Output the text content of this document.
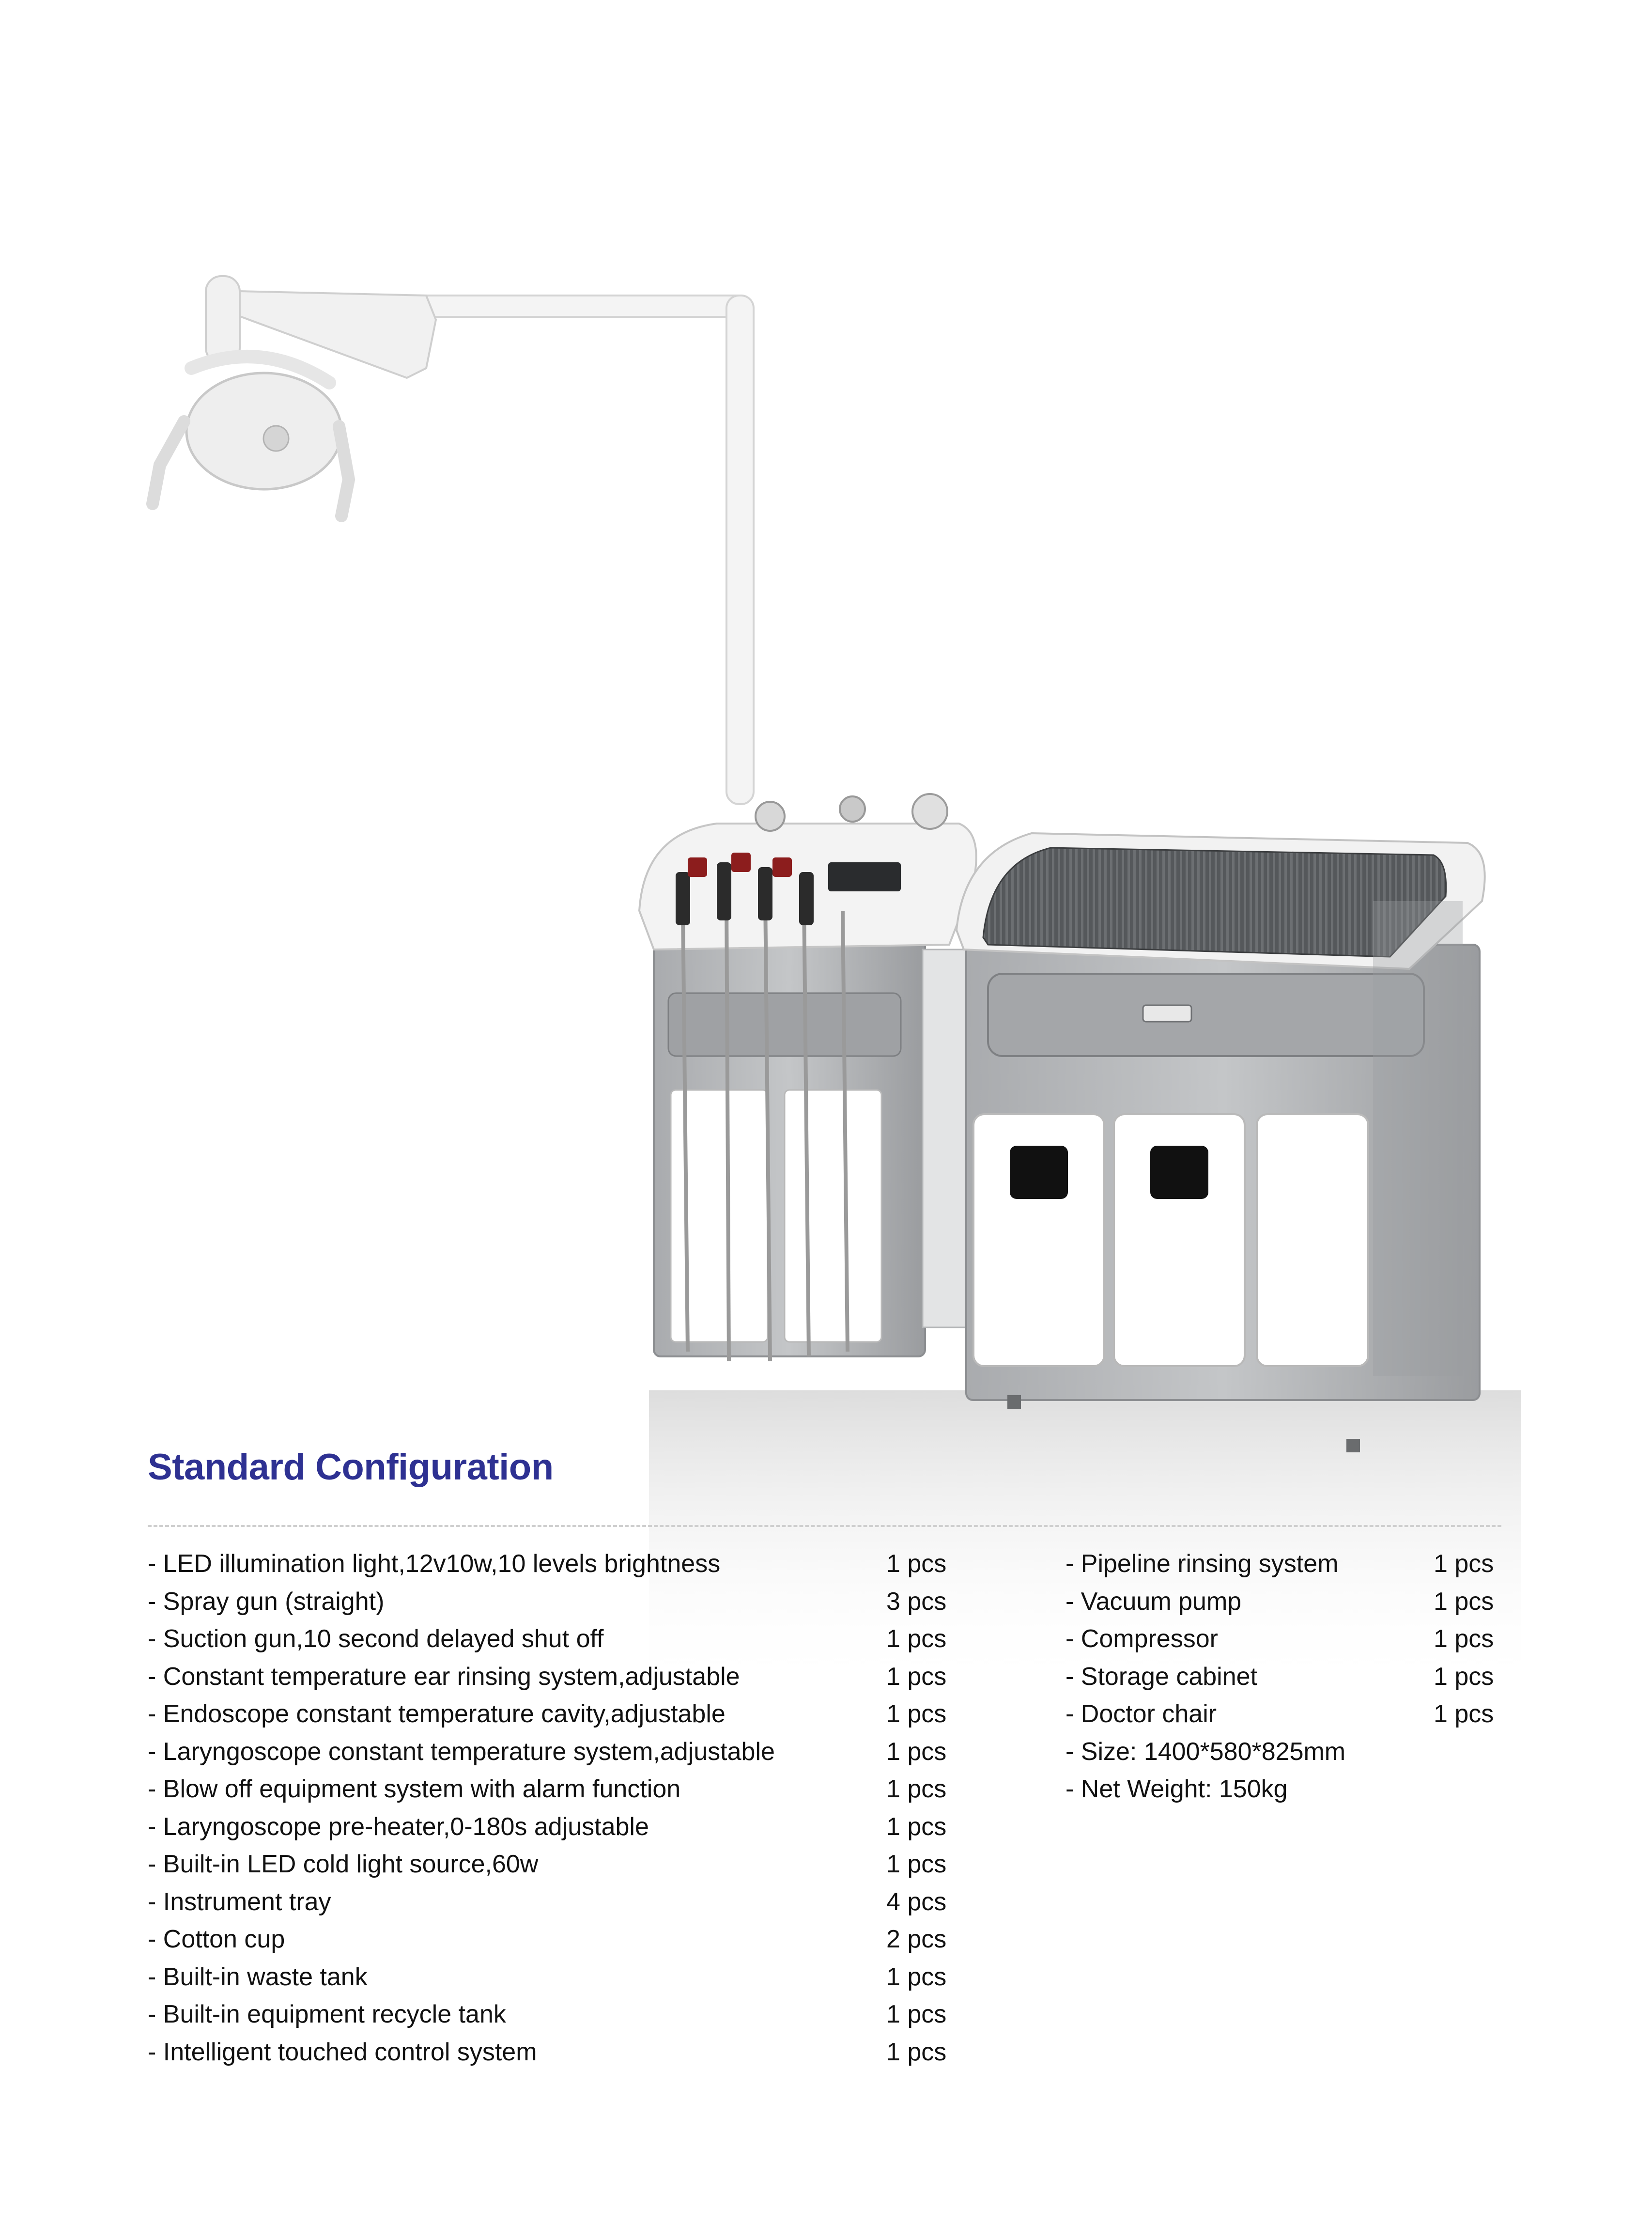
Standard Configuration
- LED illumination light,12v10w,10 levels brightness	1 pcs
- Spray gun (straight)	3 pcs
- Suction gun,10 second delayed shut off	1 pcs
- Constant temperature ear rinsing system,adjustable	1 pcs
- Endoscope constant temperature cavity,adjustable	1 pcs
- Laryngoscope constant temperature system,adjustable	1 pcs
- Blow off equipment system with alarm function	1 pcs
- Laryngoscope pre-heater,0-180s adjustable	1 pcs
- Built-in LED cold light source,60w	1 pcs
- Instrument tray	4 pcs
- Cotton cup	2 pcs
- Built-in waste tank	1 pcs
- Built-in equipment recycle tank	1 pcs
- Intelligent touched control system	1 pcs
- Pipeline rinsing system	1 pcs
- Vacuum pump	1 pcs
- Compressor	1 pcs
- Storage cabinet	1 pcs
- Doctor chair	1 pcs
- Size: 1400*580*825mm
- Net Weight: 150kg
